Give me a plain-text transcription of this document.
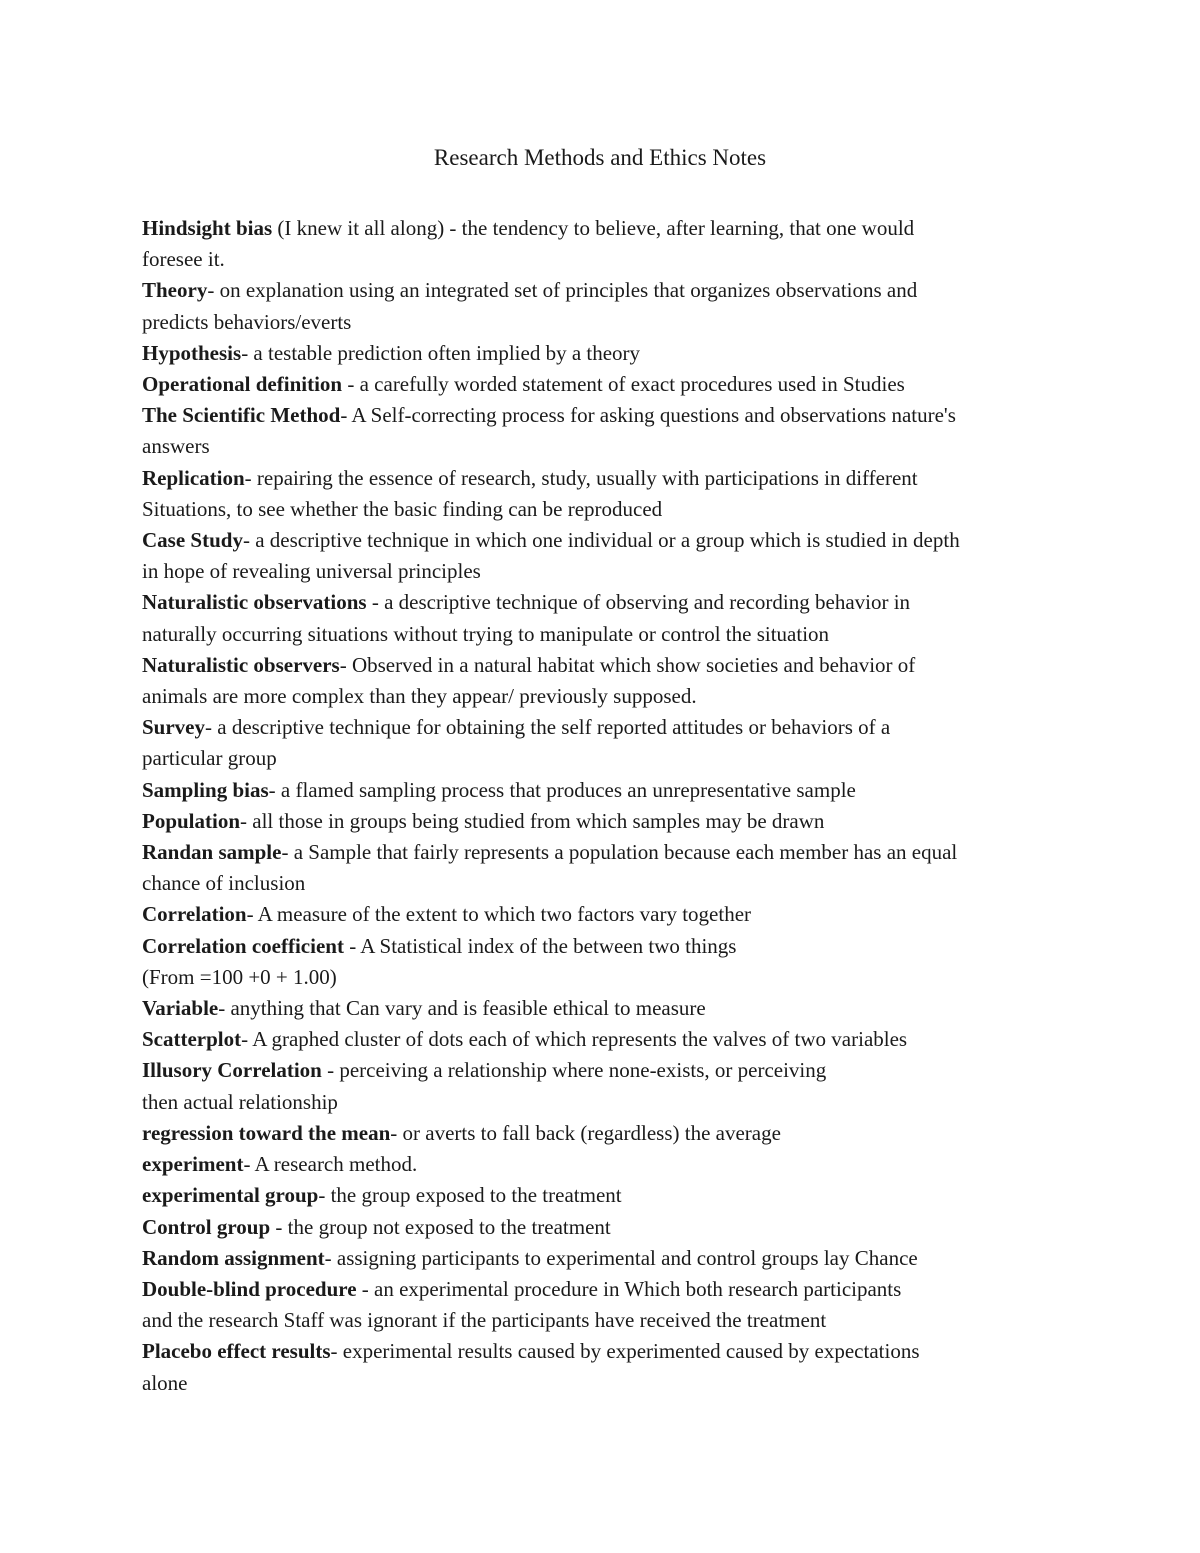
Research Methods and Ethics Notes
Hindsight bias (I knew it all along) - the tendency to believe, after learning, that one would
foresee it.
Theory- on explanation using an integrated set of principles that organizes observations and
predicts behaviors/everts
Hypothesis- a testable prediction often implied by a theory
Operational definition - a carefully worded statement of exact procedures used in Studies
The Scientific Method- A Self-correcting process for asking questions and observations nature's
answers
Replication- repairing the essence of research, study, usually with participations in different
Situations, to see whether the basic finding can be reproduced
Case Study- a descriptive technique in which one individual or a group which is studied in depth
in hope of revealing universal principles
Naturalistic observations - a descriptive technique of observing and recording behavior in
naturally occurring situations without trying to manipulate or control the situation
Naturalistic observers- Observed in a natural habitat which show societies and behavior of
animals are more complex than they appear/ previously supposed.
Survey- a descriptive technique for obtaining the self reported attitudes or behaviors of a
particular group
Sampling bias- a flamed sampling process that produces an unrepresentative sample
Population- all those in groups being studied from which samples may be drawn
Randan sample- a Sample that fairly represents a population because each member has an equal
chance of inclusion
Correlation- A measure of the extent to which two factors vary together
Correlation coefficient - A Statistical index of the between two things
(From =100 +0 + 1.00)
Variable- anything that Can vary and is feasible ethical to measure
Scatterplot- A graphed cluster of dots each of which represents the valves of two variables
Illusory Correlation - perceiving a relationship where none-exists, or perceiving
then actual relationship
regression toward the mean- or averts to fall back (regardless) the average
experiment- A research method.
experimental group- the group exposed to the treatment
Control group - the group not exposed to the treatment
Random assignment- assigning participants to experimental and control groups lay Chance
Double-blind procedure - an experimental procedure in Which both research participants
and the research Staff was ignorant if the participants have received the treatment
Placebo effect results- experimental results caused by experimented caused by expectations
alone
